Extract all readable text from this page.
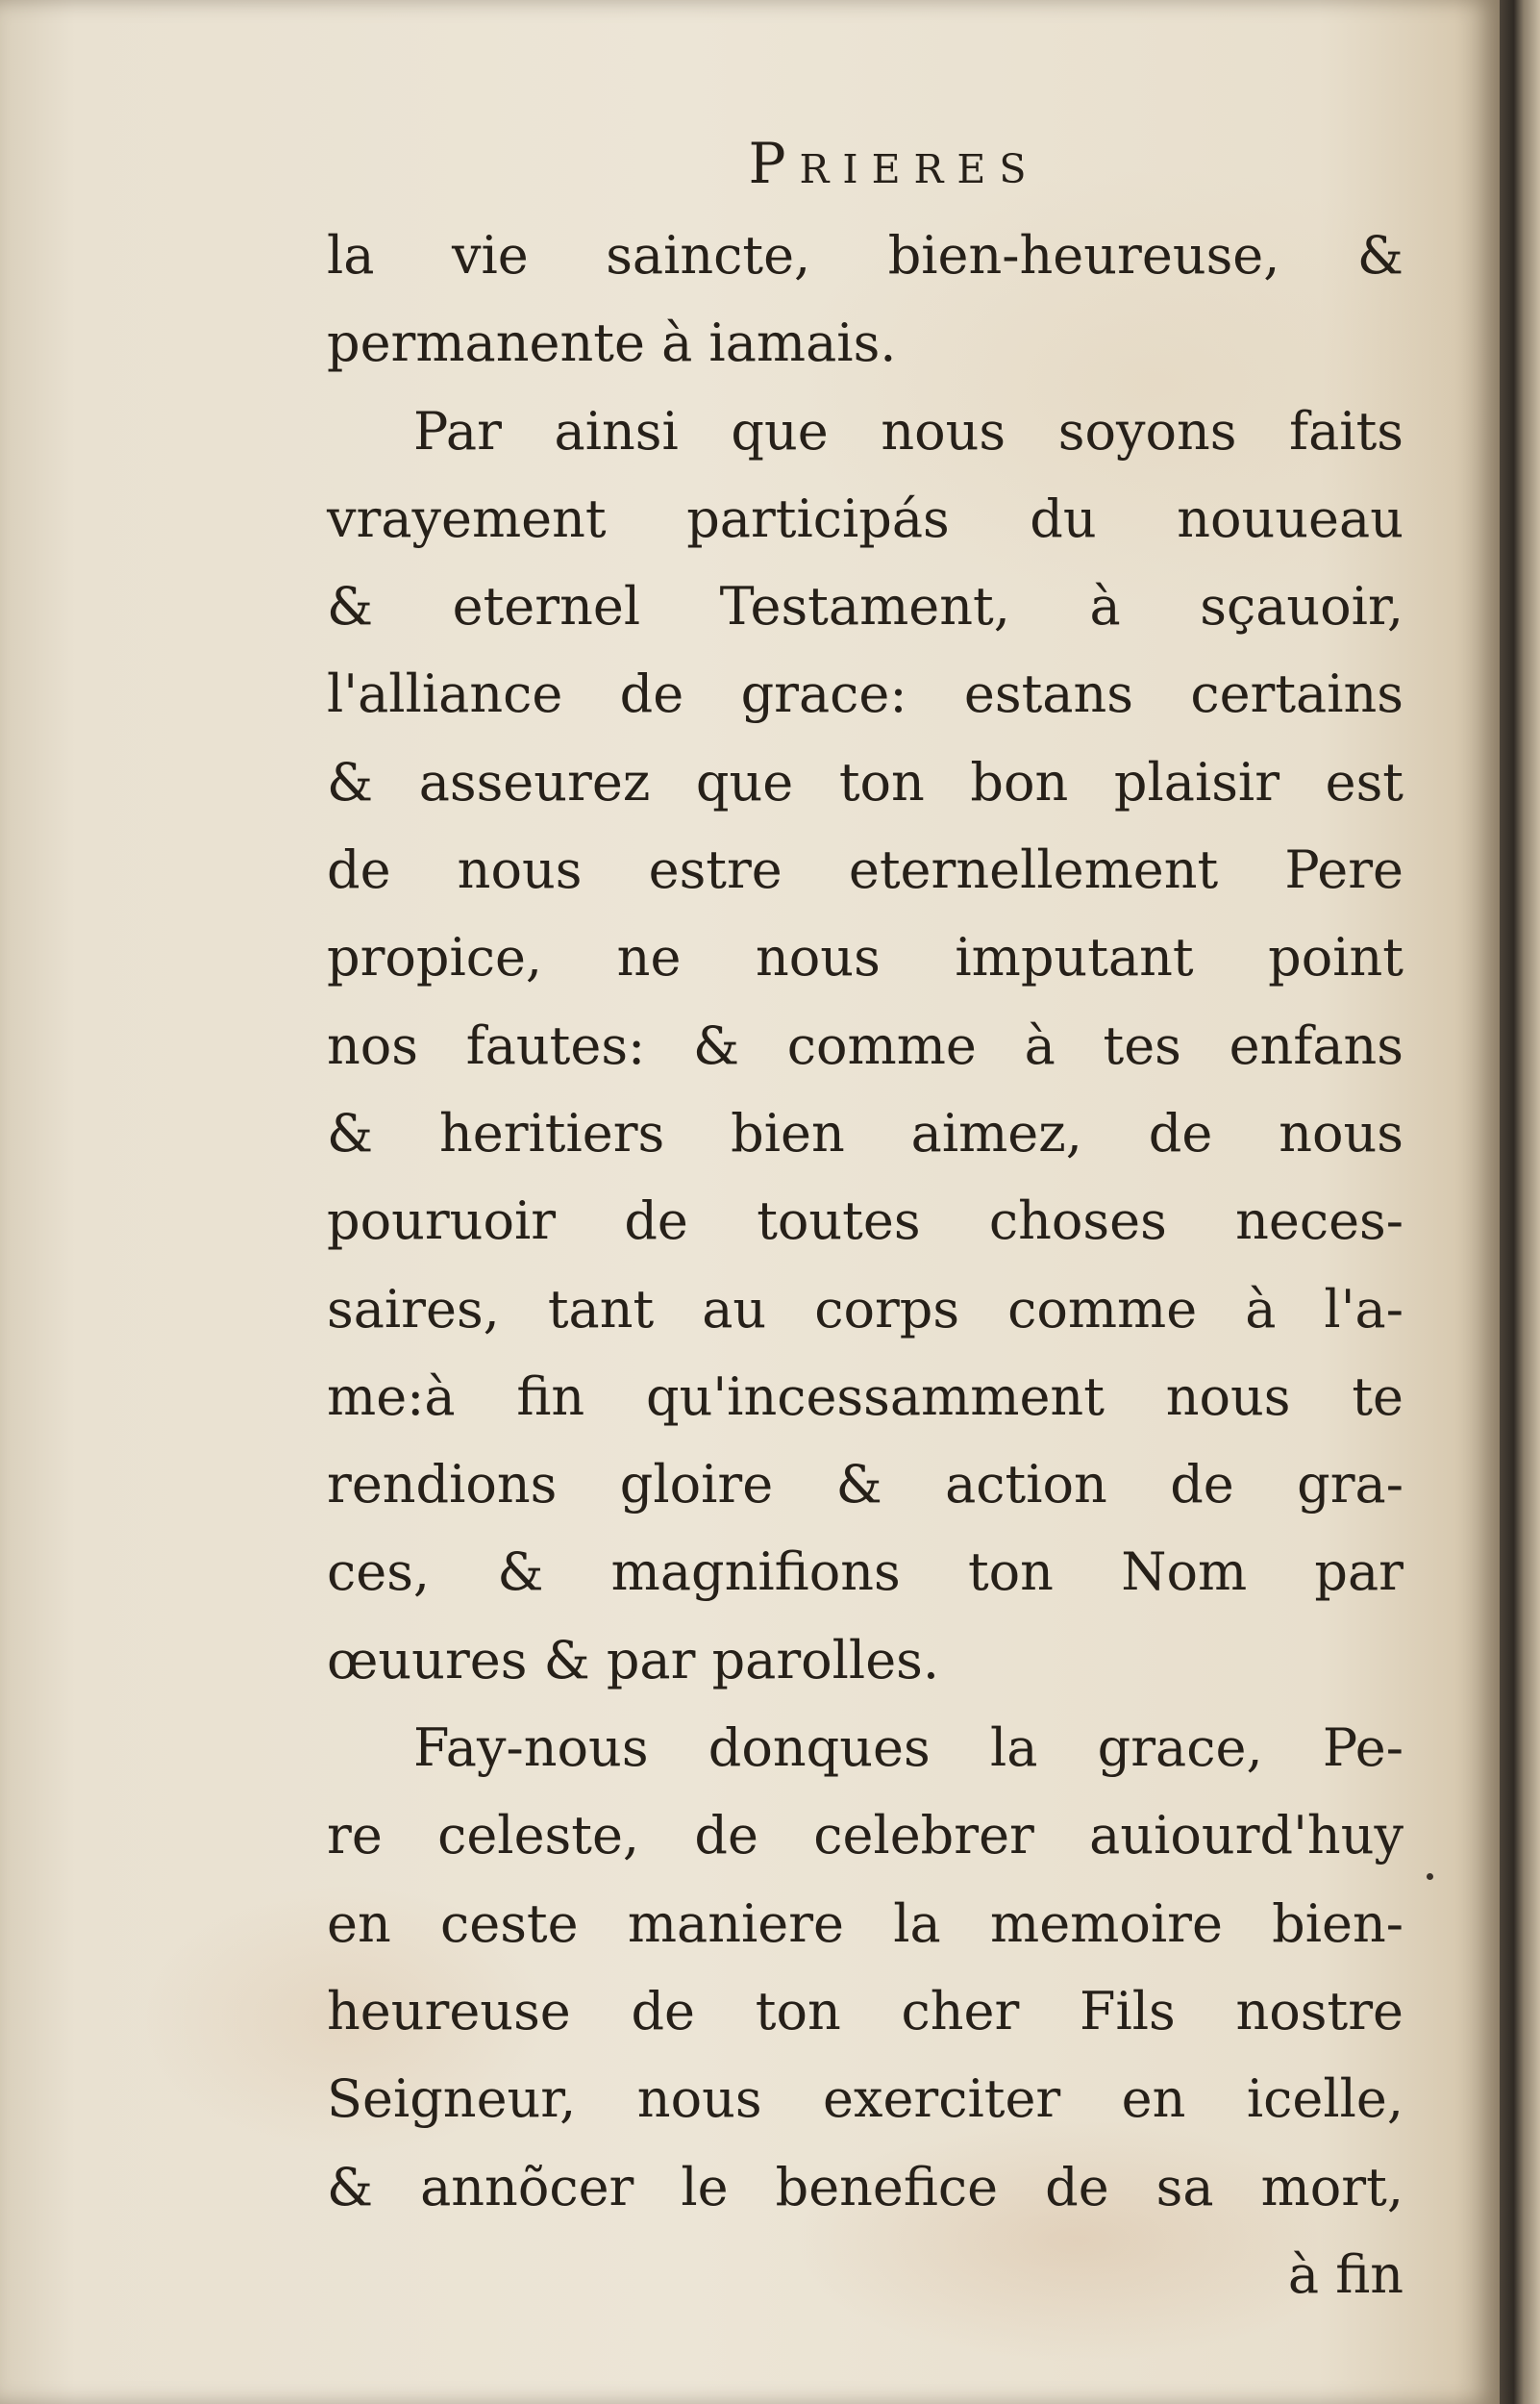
Prieres
la vie saincte, bien-heureuse, &
permanente à iamais.
Par ainsi que nous soyons faits
vrayement participás du nouueau
& eternel Testament, à sçauoir,
l'alliance de grace: estans certains
& asseurez que ton bon plaisir est
de nous estre eternellement Pere
propice, ne nous imputant point
nos fautes: & comme à tes enfans
& heritiers bien aimez, de nous
pouruoir de toutes choses neces-
saires, tant au corps comme à l'a-
me:à fin qu'incessamment nous te
rendions gloire & action de gra-
ces, & magnifions ton Nom par
œuures & par parolles.
Fay-nous donques la grace, Pe-
re celeste, de celebrer auiourd'huy
en ceste maniere la memoire bien-
heureuse de ton cher Fils nostre
Seigneur, nous exerciter en icelle,
& annõcer le benefice de sa mort,
à fin
